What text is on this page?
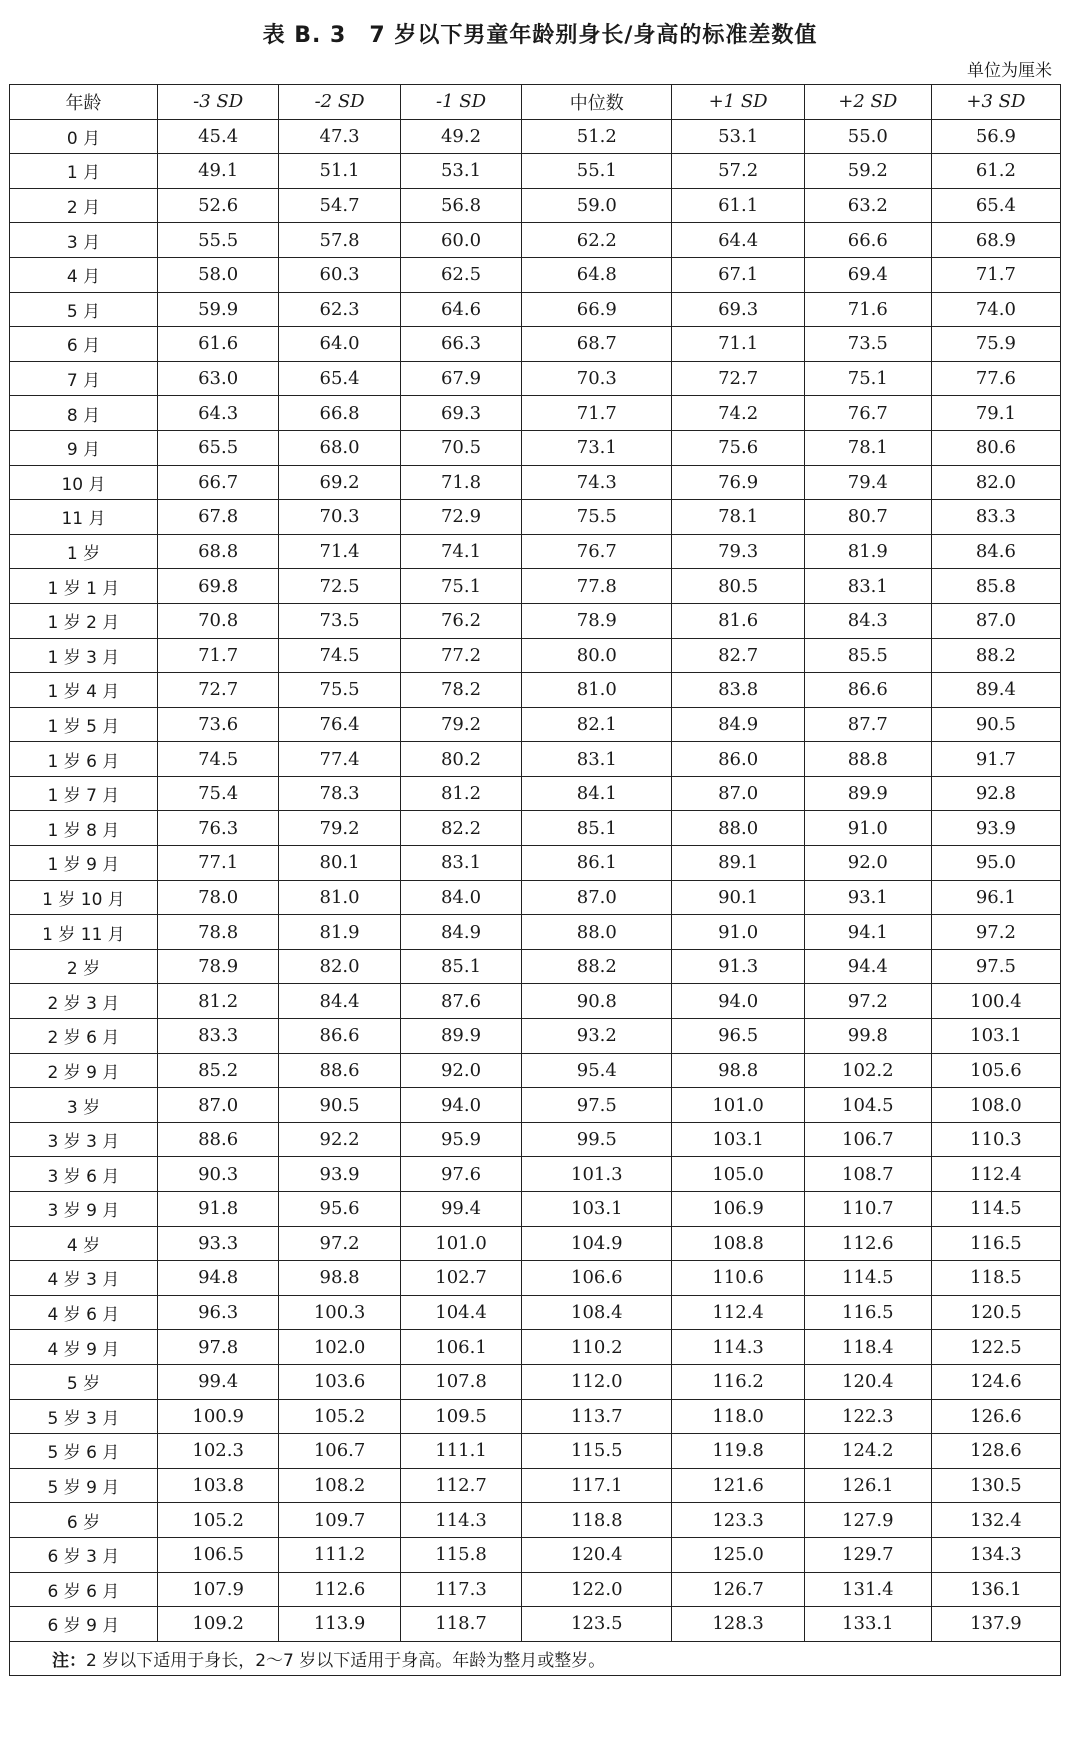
表 B. 3　7 岁以下男童年龄别身长/身高的标准差数值
单位为厘米
年龄	-3 SD	-2 SD	-1 SD	中位数	+1 SD	+2 SD	+3 SD
0 月	45.4	47.3	49.2	51.2	53.1	55.0	56.9
1 月	49.1	51.1	53.1	55.1	57.2	59.2	61.2
2 月	52.6	54.7	56.8	59.0	61.1	63.2	65.4
3 月	55.5	57.8	60.0	62.2	64.4	66.6	68.9
4 月	58.0	60.3	62.5	64.8	67.1	69.4	71.7
5 月	59.9	62.3	64.6	66.9	69.3	71.6	74.0
6 月	61.6	64.0	66.3	68.7	71.1	73.5	75.9
7 月	63.0	65.4	67.9	70.3	72.7	75.1	77.6
8 月	64.3	66.8	69.3	71.7	74.2	76.7	79.1
9 月	65.5	68.0	70.5	73.1	75.6	78.1	80.6
10 月	66.7	69.2	71.8	74.3	76.9	79.4	82.0
11 月	67.8	70.3	72.9	75.5	78.1	80.7	83.3
1 岁	68.8	71.4	74.1	76.7	79.3	81.9	84.6
1 岁 1 月	69.8	72.5	75.1	77.8	80.5	83.1	85.8
1 岁 2 月	70.8	73.5	76.2	78.9	81.6	84.3	87.0
1 岁 3 月	71.7	74.5	77.2	80.0	82.7	85.5	88.2
1 岁 4 月	72.7	75.5	78.2	81.0	83.8	86.6	89.4
1 岁 5 月	73.6	76.4	79.2	82.1	84.9	87.7	90.5
1 岁 6 月	74.5	77.4	80.2	83.1	86.0	88.8	91.7
1 岁 7 月	75.4	78.3	81.2	84.1	87.0	89.9	92.8
1 岁 8 月	76.3	79.2	82.2	85.1	88.0	91.0	93.9
1 岁 9 月	77.1	80.1	83.1	86.1	89.1	92.0	95.0
1 岁 10 月	78.0	81.0	84.0	87.0	90.1	93.1	96.1
1 岁 11 月	78.8	81.9	84.9	88.0	91.0	94.1	97.2
2 岁	78.9	82.0	85.1	88.2	91.3	94.4	97.5
2 岁 3 月	81.2	84.4	87.6	90.8	94.0	97.2	100.4
2 岁 6 月	83.3	86.6	89.9	93.2	96.5	99.8	103.1
2 岁 9 月	85.2	88.6	92.0	95.4	98.8	102.2	105.6
3 岁	87.0	90.5	94.0	97.5	101.0	104.5	108.0
3 岁 3 月	88.6	92.2	95.9	99.5	103.1	106.7	110.3
3 岁 6 月	90.3	93.9	97.6	101.3	105.0	108.7	112.4
3 岁 9 月	91.8	95.6	99.4	103.1	106.9	110.7	114.5
4 岁	93.3	97.2	101.0	104.9	108.8	112.6	116.5
4 岁 3 月	94.8	98.8	102.7	106.6	110.6	114.5	118.5
4 岁 6 月	96.3	100.3	104.4	108.4	112.4	116.5	120.5
4 岁 9 月	97.8	102.0	106.1	110.2	114.3	118.4	122.5
5 岁	99.4	103.6	107.8	112.0	116.2	120.4	124.6
5 岁 3 月	100.9	105.2	109.5	113.7	118.0	122.3	126.6
5 岁 6 月	102.3	106.7	111.1	115.5	119.8	124.2	128.6
5 岁 9 月	103.8	108.2	112.7	117.1	121.6	126.1	130.5
6 岁	105.2	109.7	114.3	118.8	123.3	127.9	132.4
6 岁 3 月	106.5	111.2	115.8	120.4	125.0	129.7	134.3
6 岁 6 月	107.9	112.6	117.3	122.0	126.7	131.4	136.1
6 岁 9 月	109.2	113.9	118.7	123.5	128.3	133.1	137.9
注：2 岁以下适用于身长，2～7 岁以下适用于身高。年龄为整月或整岁。							
